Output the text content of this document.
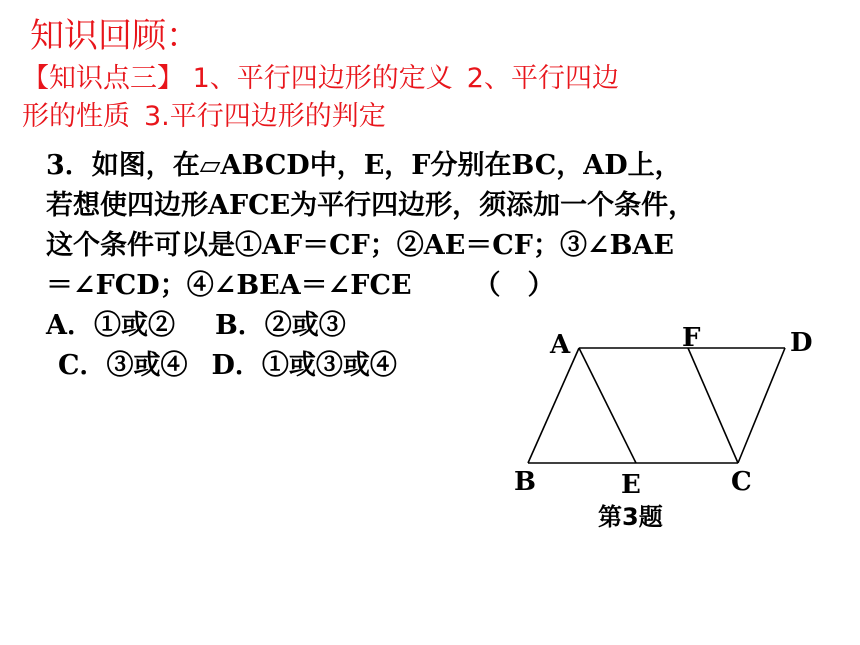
知识回顾：

【知识点三】 1、平行四边形的定义 2、平行四边
形的性质 3.平行四边形的判定

3．如图，在▱ABCD中，E，F分别在BC，AD上，
若想使四边形AFCE为平行四边形，须添加一个条件，
这个条件可以是①AF＝CF；②AE＝CF；③∠BAE
＝∠FCD；④∠BEA＝∠FCE （　）
A．①或② B．②或③
C．③或④ D．①或③或④
A	F	D
B	E	C

第3题
